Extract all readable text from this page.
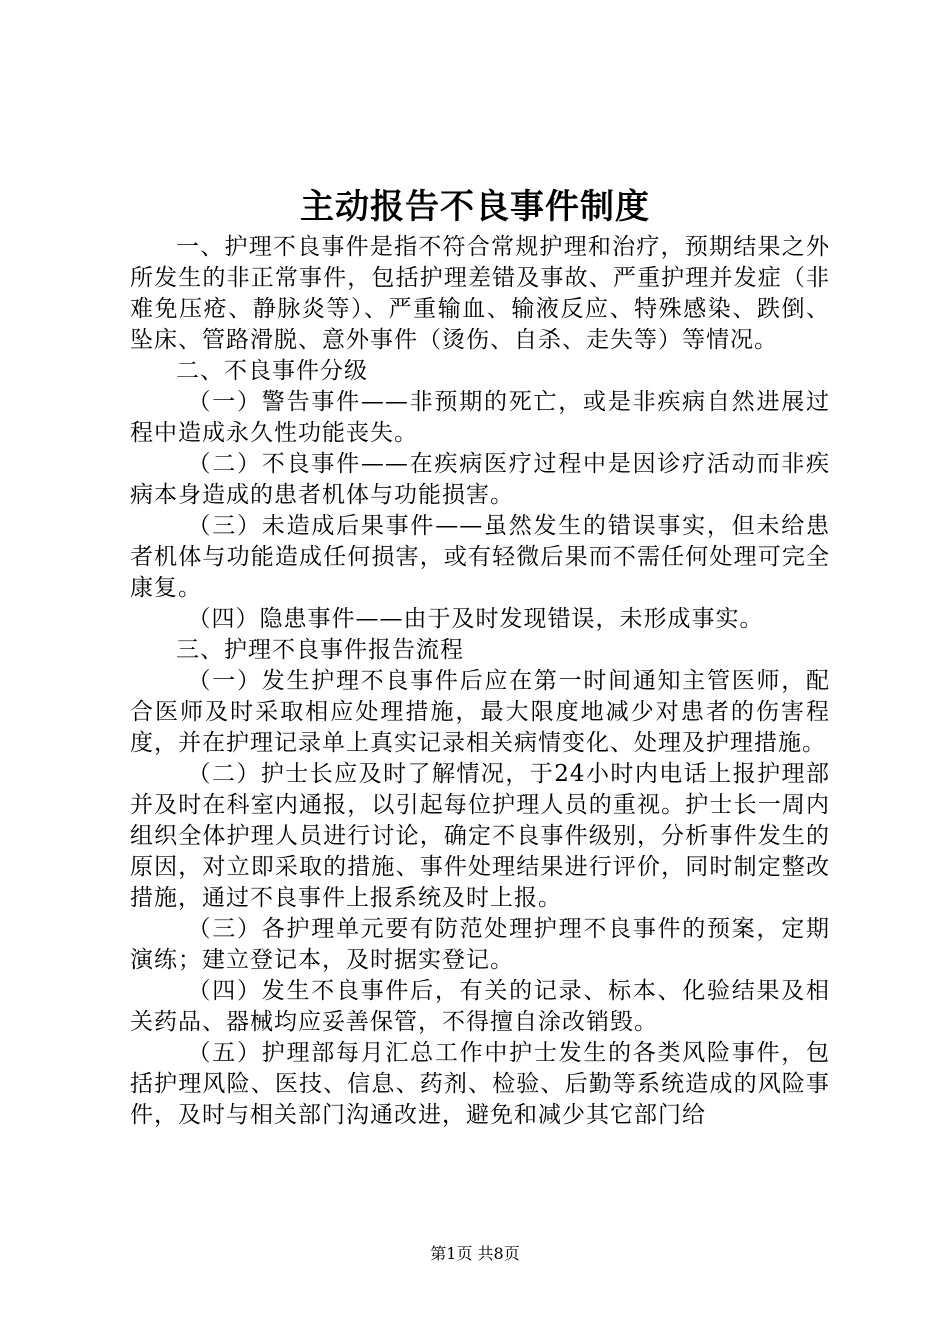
主动报告不良事件制度

一、护理不良事件是指不符合常规护理和治疗，预期结果之外所发生的非正常事件，包括护理差错及事故、严重护理并发症（非难免压疮、静脉炎等）、严重输血、输液反应、特殊感染、跌倒、坠床、管路滑脱、意外事件（烫伤、自杀、走失等）等情况。

二、不良事件分级

（一）警告事件——非预期的死亡，或是非疾病自然进展过程中造成永久性功能丧失。

（二）不良事件——在疾病医疗过程中是因诊疗活动而非疾病本身造成的患者机体与功能损害。

（三）未造成后果事件——虽然发生的错误事实，但未给患者机体与功能造成任何损害，或有轻微后果而不需任何处理可完全康复。

（四）隐患事件——由于及时发现错误，未形成事实。

三、护理不良事件报告流程

（一）发生护理不良事件后应在第一时间通知主管医师，配合医师及时采取相应处理措施，最大限度地减少对患者的伤害程度，并在护理记录单上真实记录相关病情变化、处理及护理措施。

（二）护士长应及时了解情况，于24小时内电话上报护理部并及时在科室内通报，以引起每位护理人员的重视。护士长一周内组织全体护理人员进行讨论，确定不良事件级别，分析事件发生的原因，对立即采取的措施、事件处理结果进行评价，同时制定整改措施，通过不良事件上报系统及时上报。

（三）各护理单元要有防范处理护理不良事件的预案，定期演练；建立登记本，及时据实登记。

（四）发生不良事件后，有关的记录、标本、化验结果及相关药品、器械均应妥善保管，不得擅自涂改销毁。

（五）护理部每月汇总工作中护士发生的各类风险事件，包括护理风险、医技、信息、药剂、检验、后勤等系统造成的风险事件，及时与相关部门沟通改进，避免和减少其它部门给

第1页 共8页
